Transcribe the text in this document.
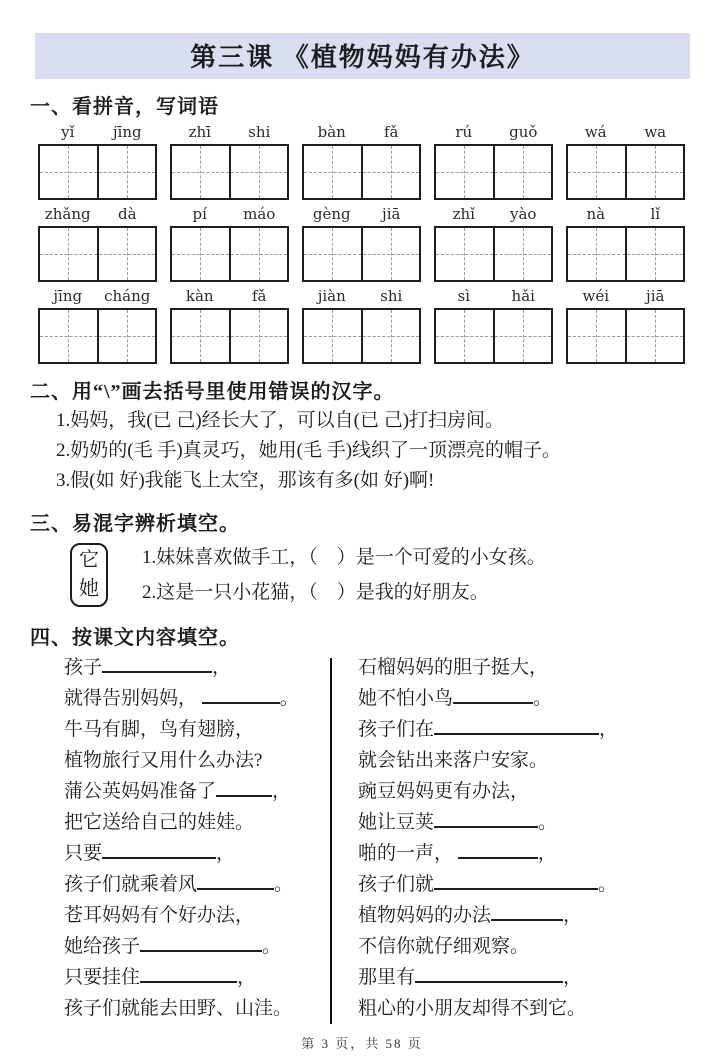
第三课 《植物妈妈有办法》
一、看拼音，写词语
yǐ	jīng	zhī	shi	bàn	fǎ	rú	guǒ	wá	wa
zhǎng	dà	pí	máo	gèng	jiā	zhǐ	yào	nà	lǐ
jīng	cháng	kàn	fǎ	jiàn	shi	sì	hǎi	wéi	jiā
二、用“\”画去括号里使用错误的汉字。
1.妈妈，我(已 己)经长大了，可以自(已 己)打扫房间。
2.奶奶的(毛 手)真灵巧，她用(毛 手)线织了一顶漂亮的帽子。
3.假(如 好)我能飞上太空，那该有多(如 好)啊!
三、易混字辨析填空。
它
她
1.妹妹喜欢做手工，（　）是一个可爱的小女孩。
2.这是一只小花猫，（　）是我的好朋友。
四、按课文内容填空。
孩子	，
就得告别妈妈，	。
牛马有脚，鸟有翅膀，
植物旅行又用什么办法?
蒲公英妈妈准备了	，
把它送给自己的娃娃。
只要	，
孩子们就乘着风	。
苍耳妈妈有个好办法，
她给孩子	。
只要挂住	，
孩子们就能去田野、山洼。
石榴妈妈的胆子挺大，
她不怕小鸟	。
孩子们在	，
就会钻出来落户安家。
豌豆妈妈更有办法，
她让豆荚	。
啪的一声，	，
孩子们就	。
植物妈妈的办法	，
不信你就仔细观察。
那里有	，
粗心的小朋友却得不到它。
第 3 页，共 58 页
